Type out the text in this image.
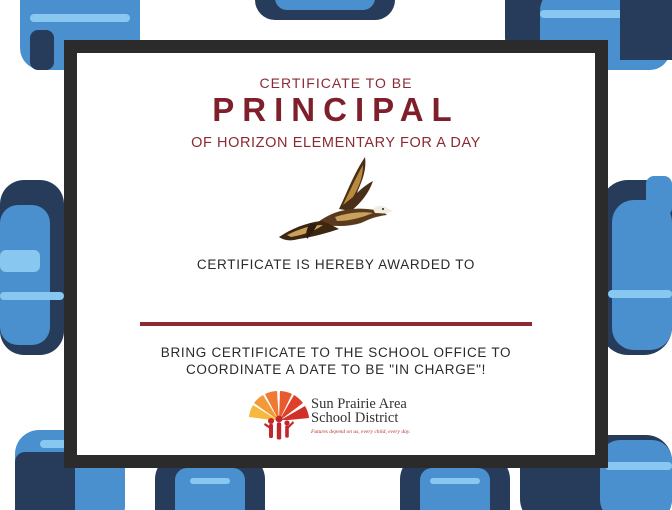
CERTIFICATE TO BE
PRINCIPAL
OF HORIZON ELEMENTARY FOR A DAY
CERTIFICATE IS HEREBY AWARDED TO
BRING CERTIFICATE TO THE SCHOOL OFFICE TO
COORDINATE A DATE TO BE "IN CHARGE"!
Sun Prairie Area
School District
Futures depend on us, every child, every day.
